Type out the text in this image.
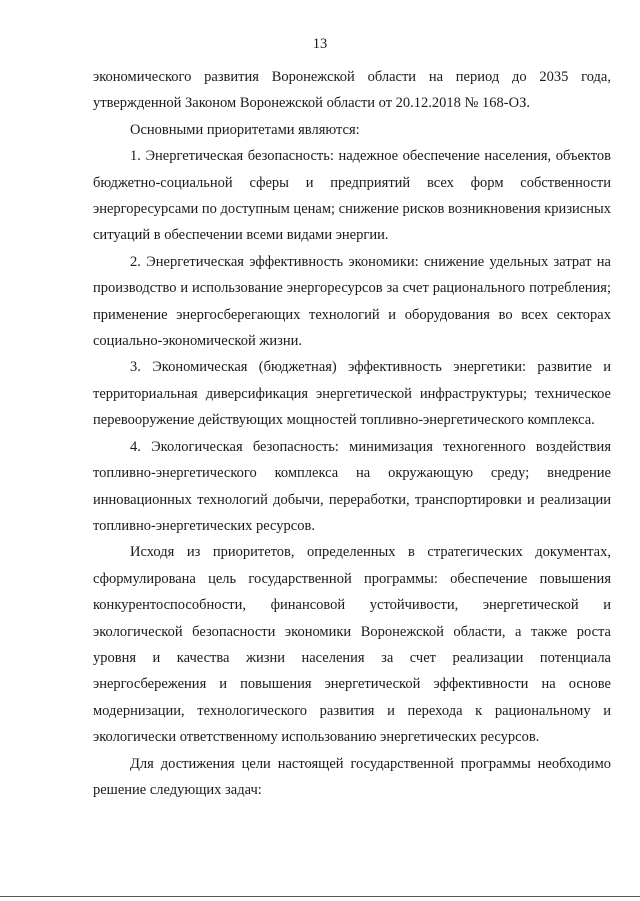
13

экономического развития Воронежской области на период до 2035 года, утвержденной Законом Воронежской области от 20.12.2018 № 168-ОЗ.

Основными приоритетами являются:

1. Энергетическая безопасность: надежное обеспечение населения, объектов бюджетно-социальной сферы и предприятий всех форм собственности энергоресурсами по доступным ценам; снижение рисков возникновения кризисных ситуаций в обеспечении всеми видами энергии.

2. Энергетическая эффективность экономики: снижение удельных затрат на производство и использование энергоресурсов за счет рационального потребления; применение энергосберегающих технологий и оборудования во всех секторах социально-экономической жизни.

3. Экономическая (бюджетная) эффективность энергетики: развитие и территориальная диверсификация энергетической инфраструктуры; техническое перевооружение действующих мощностей топливно-энергетического комплекса.

4. Экологическая безопасность: минимизация техногенного воздействия топливно-энергетического комплекса на окружающую среду; внедрение инновационных технологий добычи, переработки, транспортировки и реализации топливно-энергетических ресурсов.

Исходя из приоритетов, определенных в стратегических документах, сформулирована цель государственной программы: обеспечение повышения конкурентоспособности, финансовой устойчивости, энергетической и экологической безопасности экономики Воронежской области, а также роста уровня и качества жизни населения за счет реализации потенциала энергосбережения и повышения энергетической эффективности на основе модернизации, технологического развития и перехода к рациональному и экологически ответственному использованию энергетических ресурсов.

Для достижения цели настоящей государственной программы необходимо решение следующих задач:
